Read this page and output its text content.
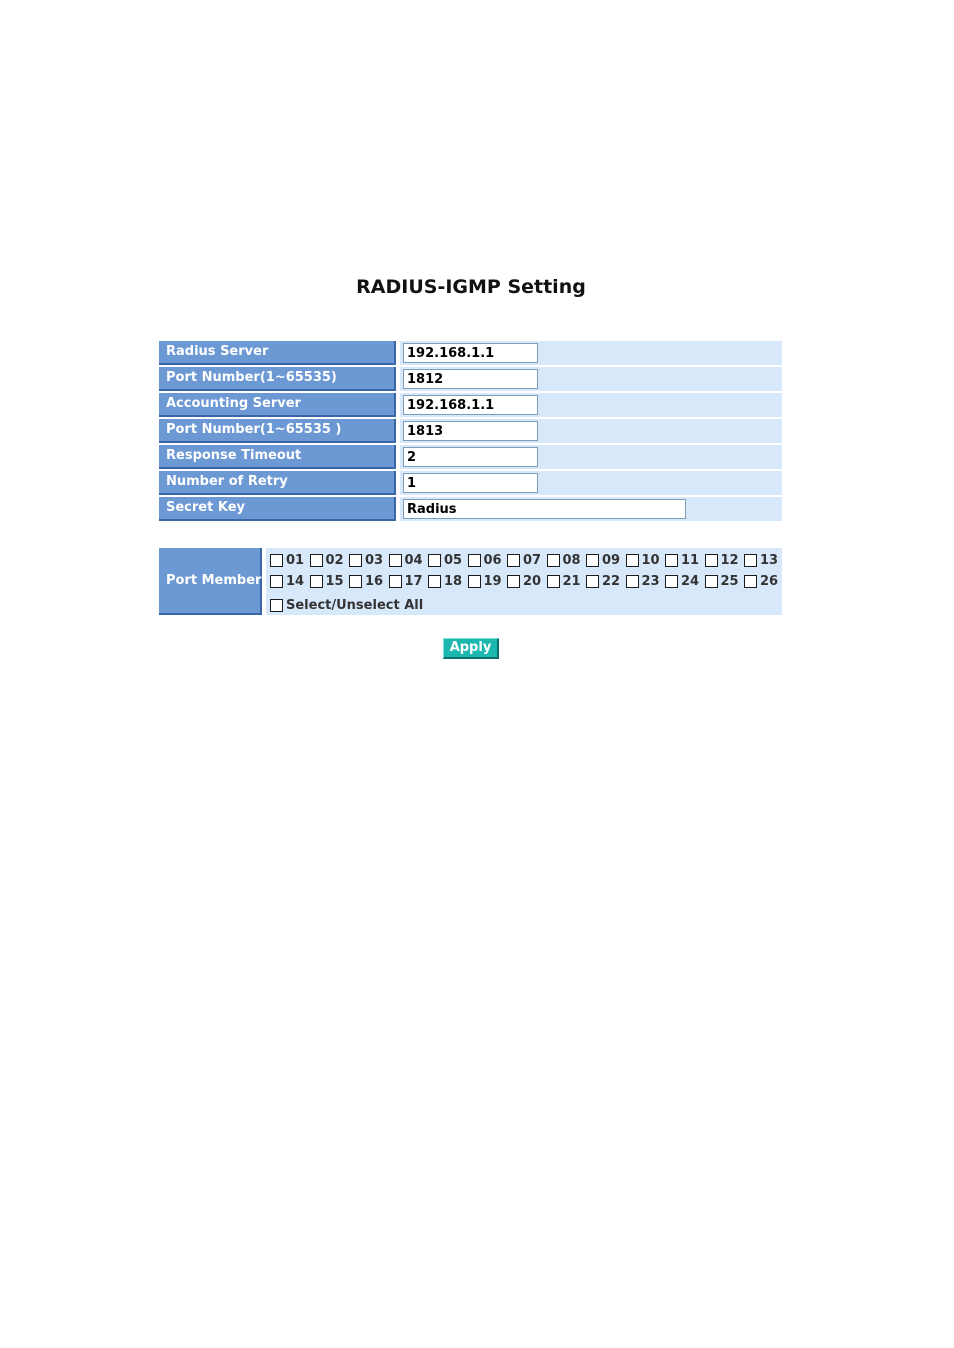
RADIUS-IGMP Setting
Radius Server
192.168.1.1
Port Number(1~65535)
1812
Accounting Server
192.168.1.1
Port Number(1~65535 )
1813
Response Timeout
2
Number of Retry
1
Secret Key
Radius
Port Member
01 02 03 04 05 06 07 08 09 10 11 12 13
14 15 16 17 18 19 20 21 22 23 24 25 26
Select/Unselect All
Apply
